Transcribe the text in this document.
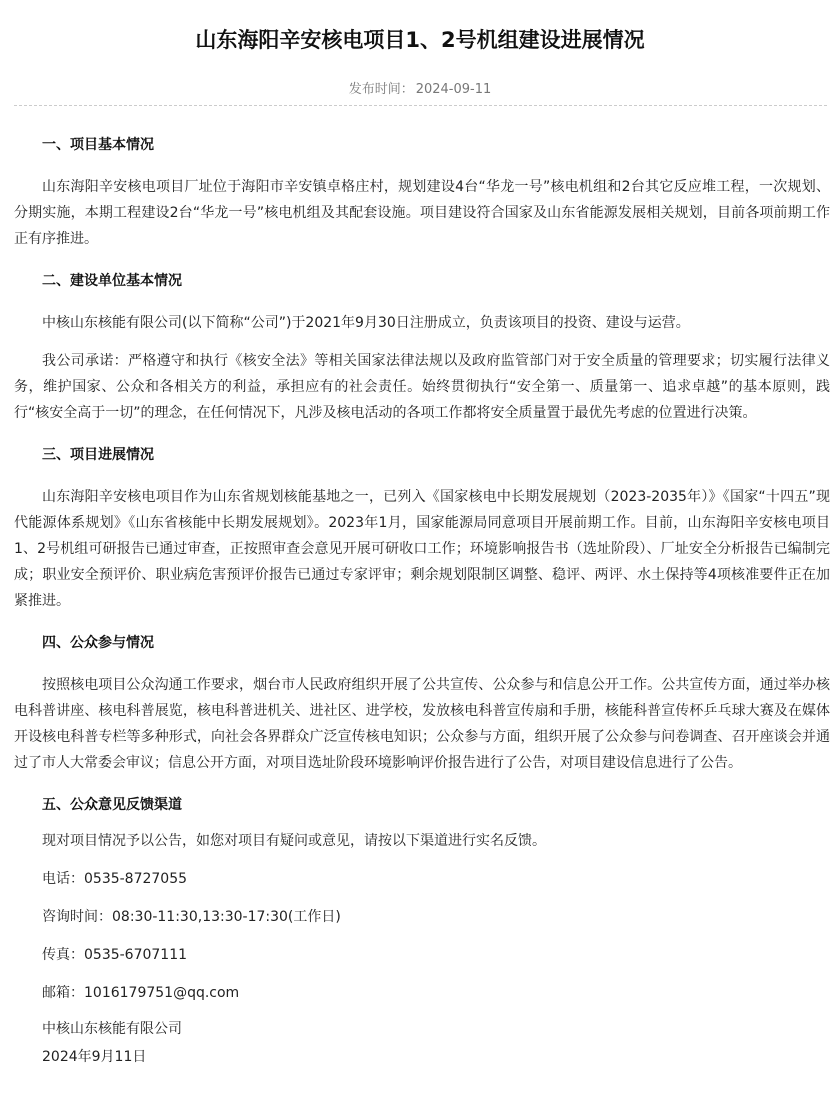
山东海阳辛安核电项目1、2号机组建设进展情况
发布时间： 2024-09-11
一、项目基本情况

山东海阳辛安核电项目厂址位于海阳市辛安镇卓格庄村，规划建设4台“华龙一号”核电机组和2台其它反应堆工程，一次规划、分期实施，本期工程建设2台“华龙一号”核电机组及其配套设施。项目建设符合国家及山东省能源发展相关规划，目前各项前期工作正有序推进。

二、建设单位基本情况

中核山东核能有限公司(以下简称“公司”)于2021年9月30日注册成立，负责该项目的投资、建设与运营。

我公司承诺：严格遵守和执行《核安全法》等相关国家法律法规以及政府监管部门对于安全质量的管理要求；切实履行法律义务，维护国家、公众和各相关方的利益，承担应有的社会责任。始终贯彻执行“安全第一、质量第一、追求卓越”的基本原则，践行“核安全高于一切”的理念，在任何情况下，凡涉及核电活动的各项工作都将安全质量置于最优先考虑的位置进行决策。

三、项目进展情况

山东海阳辛安核电项目作为山东省规划核能基地之一，已列入《国家核电中长期发展规划（2023-2035年）》《国家“十四五”现代能源体系规划》《山东省核能中长期发展规划》。2023年1月，国家能源局同意项目开展前期工作。目前，山东海阳辛安核电项目1、2号机组可研报告已通过审查，正按照审查会意见开展可研收口工作；环境影响报告书（选址阶段）、厂址安全分析报告已编制完成；职业安全预评价、职业病危害预评价报告已通过专家评审；剩余规划限制区调整、稳评、两评、水土保持等4项核准要件正在加紧推进。

四、公众参与情况

按照核电项目公众沟通工作要求，烟台市人民政府组织开展了公共宣传、公众参与和信息公开工作。公共宣传方面，通过举办核电科普讲座、核电科普展览，核电科普进机关、进社区、进学校，发放核电科普宣传扇和手册，核能科普宣传杯乒乓球大赛及在媒体开设核电科普专栏等多种形式，向社会各界群众广泛宣传核电知识；公众参与方面，组织开展了公众参与问卷调查、召开座谈会并通过了市人大常委会审议；信息公开方面，对项目选址阶段环境影响评价报告进行了公告，对项目建设信息进行了公告。

五、公众意见反馈渠道

现对项目情况予以公告，如您对项目有疑问或意见，请按以下渠道进行实名反馈。

电话：0535-8727055

咨询时间：08:30-11:30,13:30-17:30(工作日)

传真：0535-6707111

邮箱：1016179751@qq.com

中核山东核能有限公司

2024年9月11日
